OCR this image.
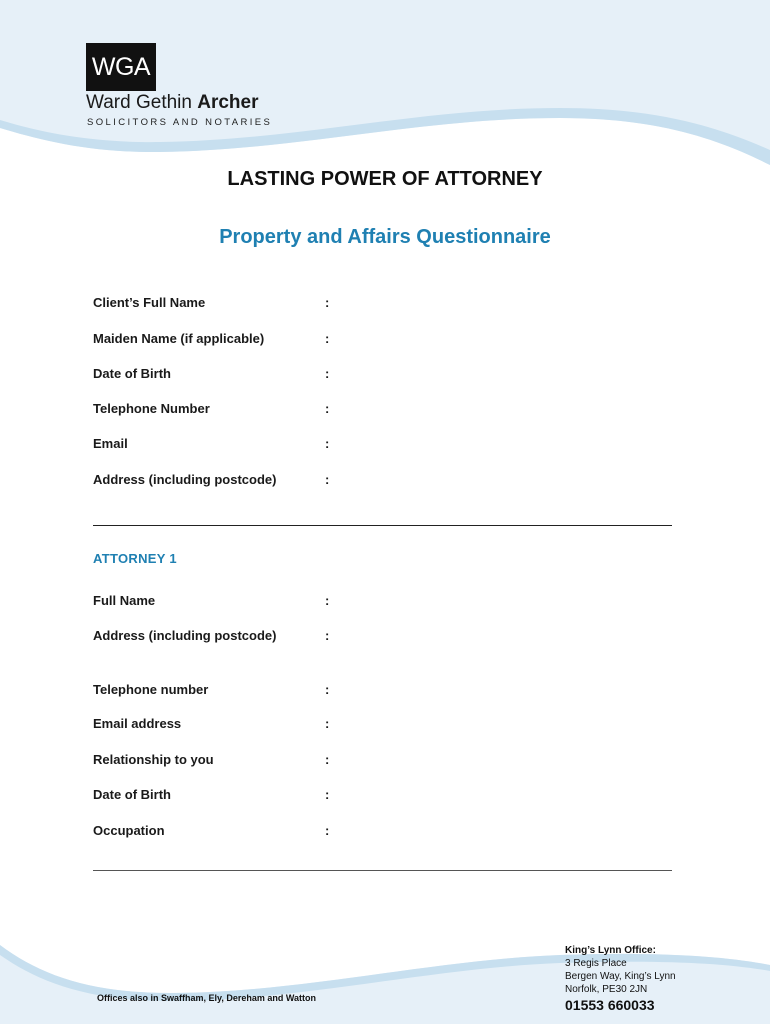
WGA
Ward Gethin Archer
SOLICITORS AND NOTARIES
LASTING POWER OF ATTORNEY
Property and Affairs Questionnaire
Client’s Full Name	:
Maiden Name (if applicable)	:
Date of Birth	:
Telephone Number	:
Email	:
Address (including postcode)	:
ATTORNEY 1
Full Name	:
Address (including postcode)	:
Telephone number	:
Email address	:
Relationship to you	:
Date of Birth	:
Occupation	:
King’s Lynn Office:
3 Regis Place
Bergen Way, King’s Lynn
Norfolk, PE30 2JN
01553 660033
Offices also in Swaffham, Ely, Dereham and Watton
